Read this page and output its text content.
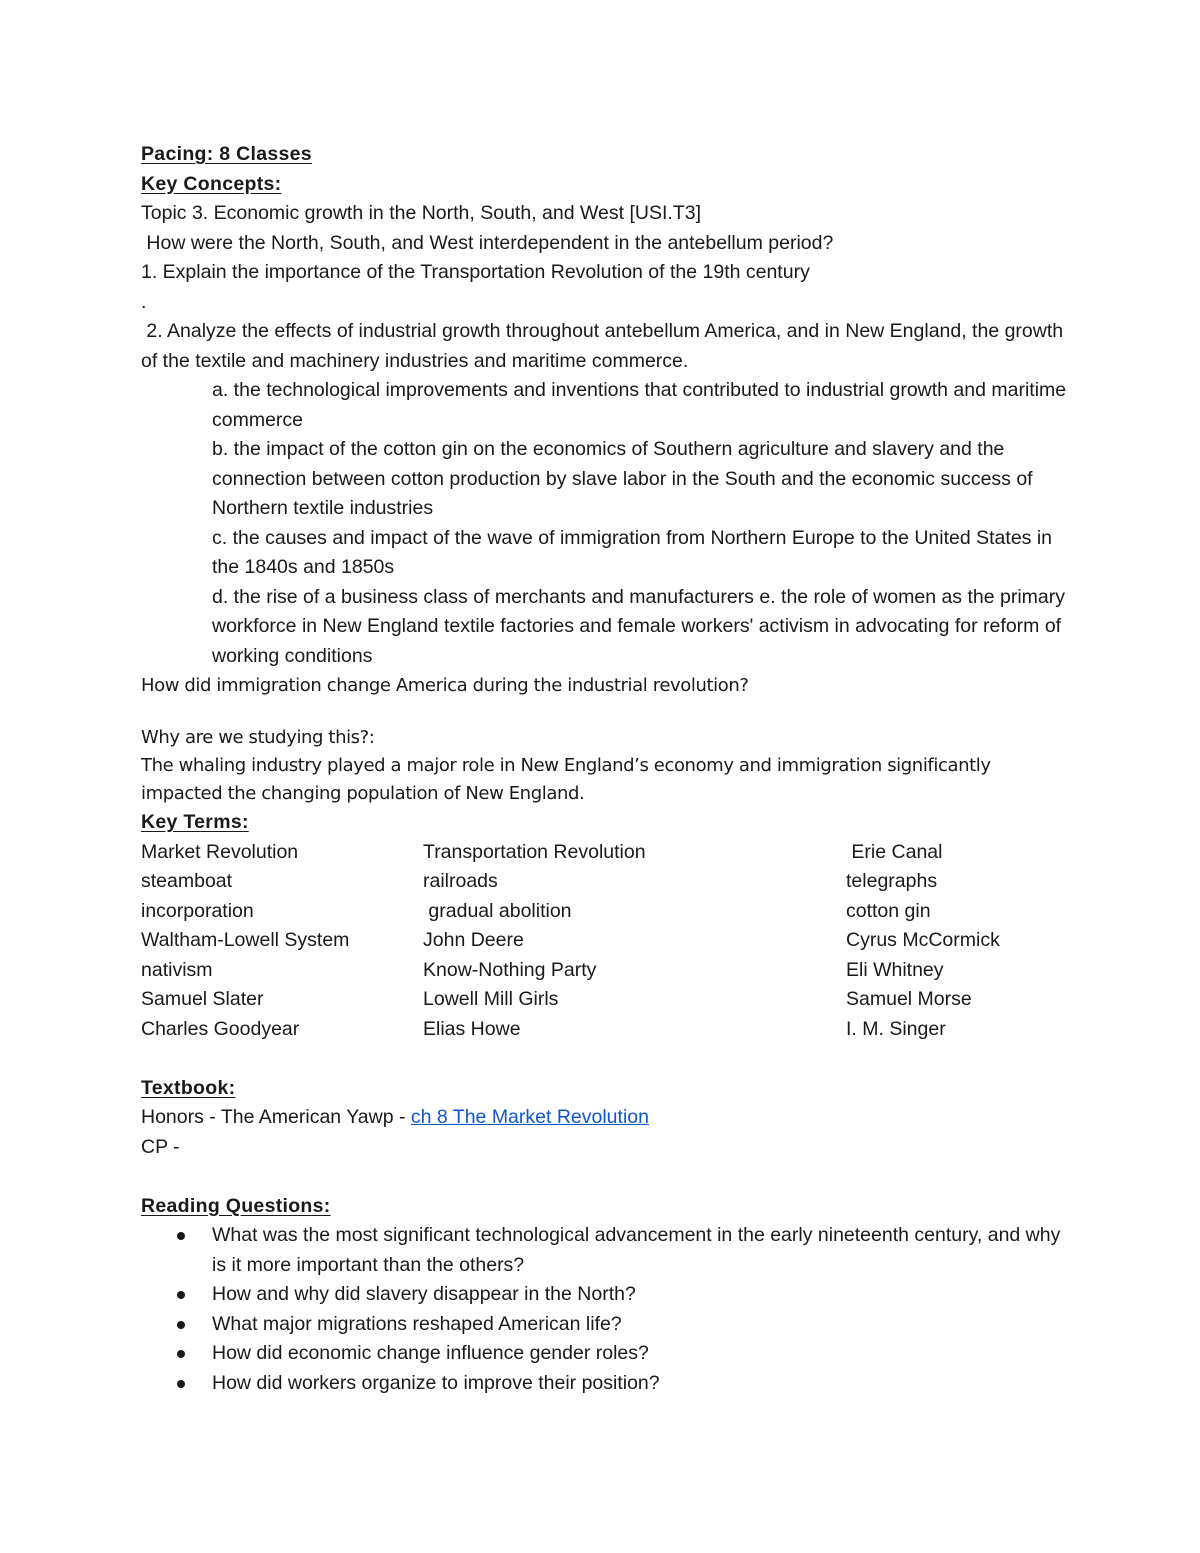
Pacing: 8 Classes
Key Concepts:
Topic 3. Economic growth in the North, South, and West [USI.T3]
How were the North, South, and West interdependent in the antebellum period?
1. Explain the importance of the Transportation Revolution of the 19th century
.
2. Analyze the effects of industrial growth throughout antebellum America, and in New England, the growth of the textile and machinery industries and maritime commerce.
a. the technological improvements and inventions that contributed to industrial growth and maritime commerce
b. the impact of the cotton gin on the economics of Southern agriculture and slavery and the connection between cotton production by slave labor in the South and the economic success of Northern textile industries
c. the causes and impact of the wave of immigration from Northern Europe to the United States in the 1840s and 1850s
d. the rise of a business class of merchants and manufacturers e. the role of women as the primary workforce in New England textile factories and female workers' activism in advocating for reform of working conditions
How did immigration change America during the industrial revolution?
Why are we studying this?:
The whaling industry played a major role in New England’s economy and immigration significantly impacted the changing population of New England.
Key Terms:
Market Revolution	Transportation Revolution	Erie Canal
steamboat	railroads	telegraphs
incorporation	gradual abolition	cotton gin
Waltham-Lowell System	John Deere	Cyrus McCormick
nativism	Know-Nothing Party	Eli Whitney
Samuel Slater	Lowell Mill Girls	Samuel Morse
Charles Goodyear	Elias Howe	I. M. Singer
Textbook:
Honors - The American Yawp - ch 8 The Market Revolution
CP -
Reading Questions:
What was the most significant technological advancement in the early nineteenth century, and why is it more important than the others?
How and why did slavery disappear in the North?
What major migrations reshaped American life?
How did economic change influence gender roles?
How did workers organize to improve their position?
